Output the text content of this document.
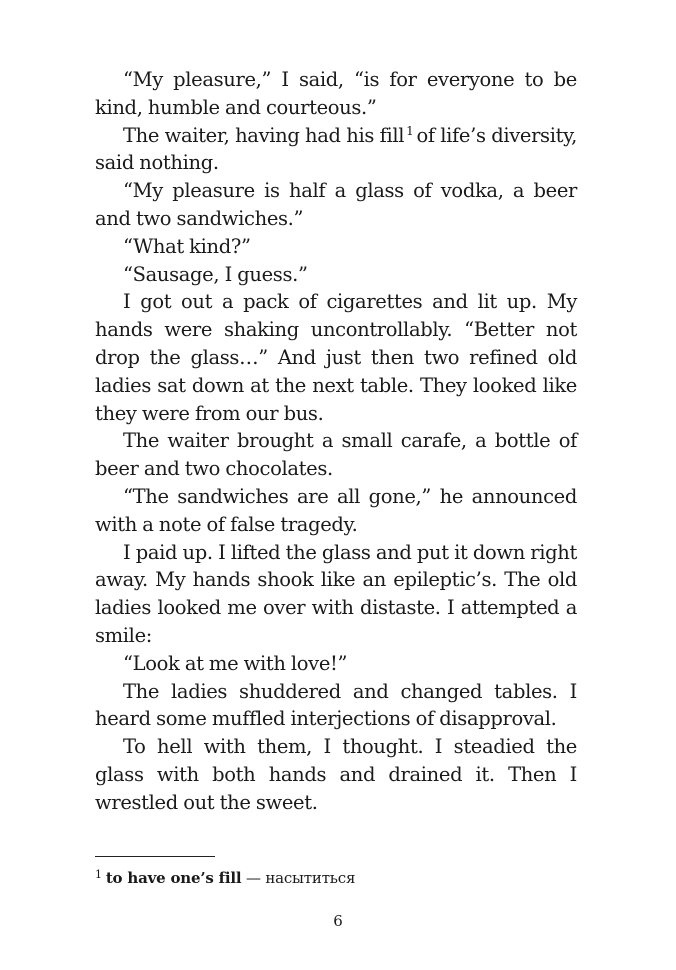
“My pleasure,” I said, “is for everyone to be kind, humble and courteous.”

The waiter, having had his fill $^1$ of life’s diversity, said nothing.

“My pleasure is half a glass of vodka, a beer and two sandwiches.”

“What kind?”

“Sausage, I guess.”

I got out a pack of cigarettes and lit up. My hands were shaking uncontrollably. “Better not drop the glass…” And just then two refined old ladies sat down at the next table. They looked like they were from our bus.

The waiter brought a small carafe, a bottle of beer and two chocolates.

“The sandwiches are all gone,” he announced with a note of false tragedy.

I paid up. I lifted the glass and put it down right away. My hands shook like an epileptic’s. The old ladies looked me over with distaste. I attempted a smile:

“Look at me with love!”

The ladies shuddered and changed tables. I heard some muffled interjections of disapproval.

To hell with them, I thought. I steadied the glass with both hands and drained it. Then I wrestled out the sweet.

$^1$ to have one’s fill — насытиться
6
